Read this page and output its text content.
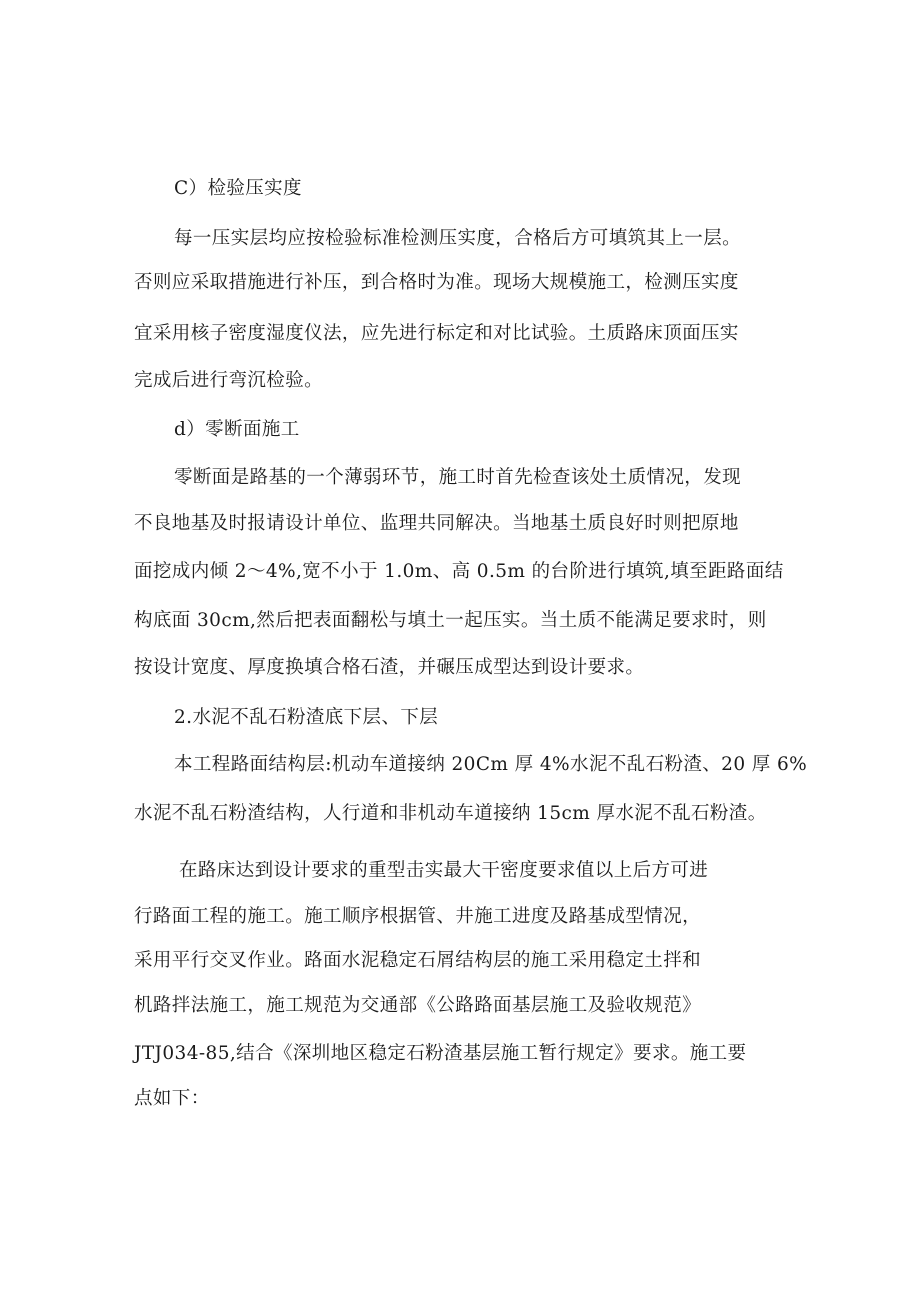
C）检验压实度
每一压实层均应按检验标准检测压实度，合格后方可填筑其上一层。
否则应采取措施进行补压，到合格时为准。现场大规模施工，检测压实度
宜采用核子密度湿度仪法，应先进行标定和对比试验。土质路床顶面压实
完成后进行弯沉检验。
d）零断面施工
零断面是路基的一个薄弱环节，施工时首先检查该处土质情况，发现
不良地基及时报请设计单位、监理共同解决。当地基土质良好时则把原地
面挖成内倾 2～4%,宽不小于 1.0m、高 0.5m 的台阶进行填筑,填至距路面结
构底面 30cm,然后把表面翻松与填土一起压实。当土质不能满足要求时，则
按设计宽度、厚度换填合格石渣，并碾压成型达到设计要求。
2.水泥不乱石粉渣底下层、下层
本工程路面结构层:机动车道接纳 20Cm 厚 4%水泥不乱石粉渣、20 厚 6%
水泥不乱石粉渣结构，人行道和非机动车道接纳 15cm 厚水泥不乱石粉渣。
在路床达到设计要求的重型击实最大干密度要求值以上后方可进
行路面工程的施工。施工顺序根据管、井施工进度及路基成型情况，
采用平行交叉作业。路面水泥稳定石屑结构层的施工采用稳定土拌和
机路拌法施工，施工规范为交通部《公路路面基层施工及验收规范》
JTJ034-85,结合《深圳地区稳定石粉渣基层施工暂行规定》要求。施工要
点如下：
